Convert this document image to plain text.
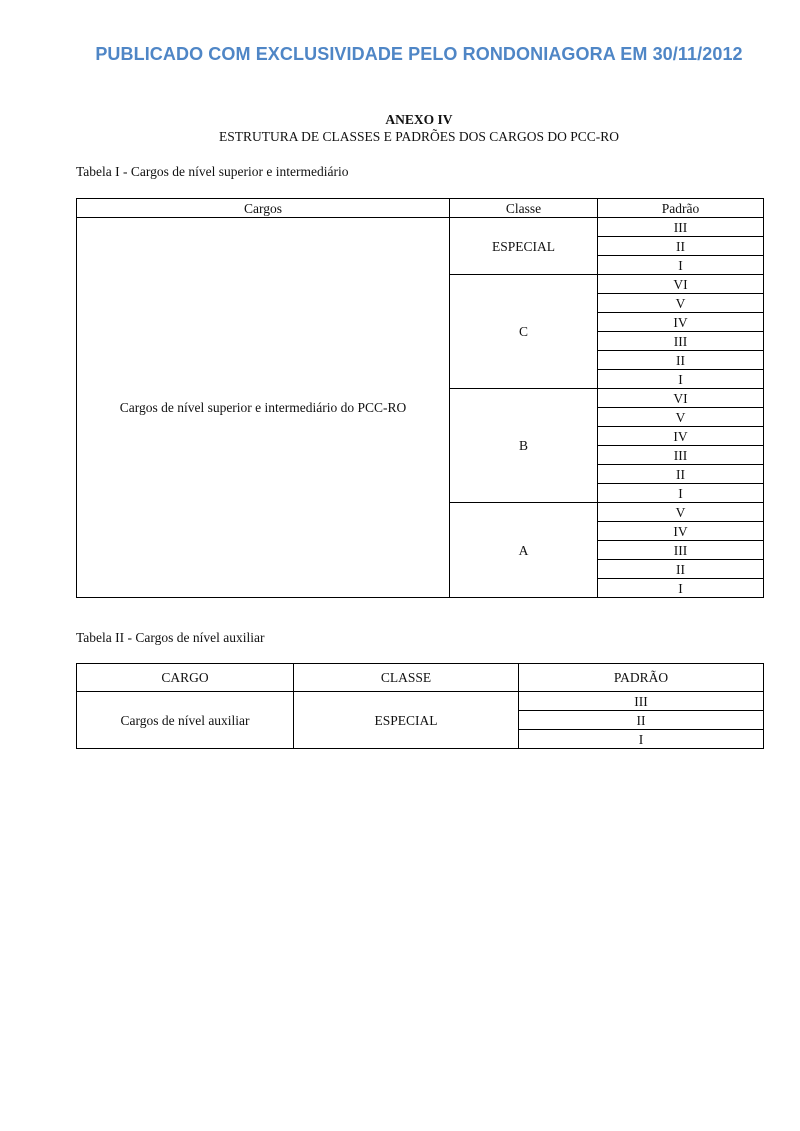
PUBLICADO COM EXCLUSIVIDADE PELO RONDONIAGORA EM 30/11/2012
ANEXO IV
ESTRUTURA DE CLASSES E PADRÕES DOS CARGOS DO PCC-RO
Tabela I - Cargos de nível superior e intermediário
Cargos	Classe	Padrão
Cargos de nível superior e intermediário do PCC-RO	ESPECIAL	III
		II
		I
	C	VI
		V
		IV
		III
		II
		I
	B	VI
		V
		IV
		III
		II
		I
	A	V
		IV
		III
		II
		I
Tabela II - Cargos de nível auxiliar
CARGO	CLASSE	PADRÃO
Cargos de nível auxiliar	ESPECIAL	III
		II
		I
